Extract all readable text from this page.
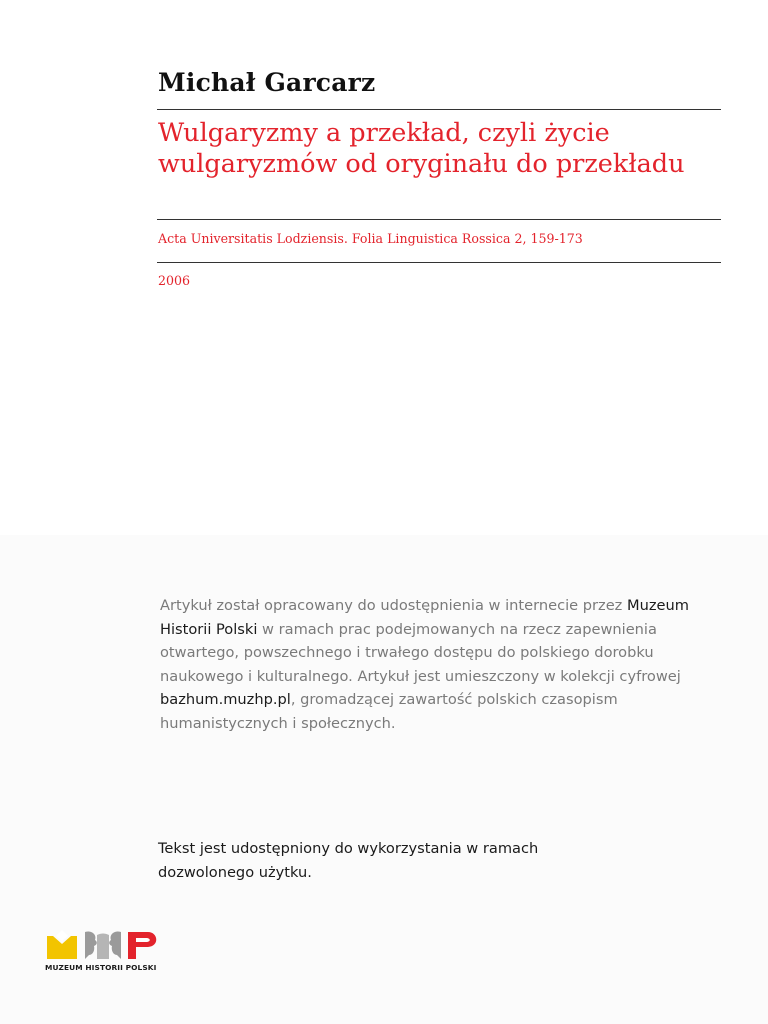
Michał Garcarz
Wulgaryzmy a przekład, czyli życie wulgaryzmów od oryginału do przekładu
Acta Universitatis Lodziensis. Folia Linguistica Rossica 2, 159-173
2006
Artykuł został opracowany do udostępnienia w internecie przez Muzeum Historii Polski w ramach prac podejmowanych na rzecz zapewnienia otwartego, powszechnego i trwałego dostępu do polskiego dorobku naukowego i kulturalnego. Artykuł jest umieszczony w kolekcji cyfrowej bazhum.muzhp.pl, gromadzącej zawartość polskich czasopism humanistycznych i społecznych.
Tekst jest udostępniony do wykorzystania w ramach dozwolonego użytku.
MUZEUM HISTORII POLSKI
